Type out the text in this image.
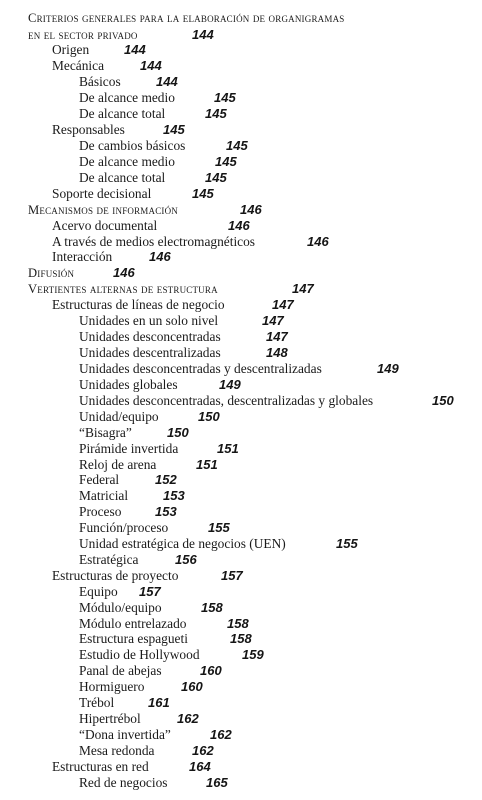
Criterios generales para la elaboración de organigramas
en el sector privado	144
Origen	144
Mecánica	144
Básicos	144
De alcance medio	145
De alcance total	145
Responsables	145
De cambios básicos	145
De alcance medio	145
De alcance total	145
Soporte decisional	145
Mecanismos de información	146
Acervo documental	146
A través de medios electromagnéticos	146
Interacción	146
Difusión	146
Vertientes alternas de estructura	147
Estructuras de líneas de negocio	147
Unidades en un solo nivel	147
Unidades desconcentradas	147
Unidades descentralizadas	148
Unidades desconcentradas y descentralizadas	149
Unidades globales	149
Unidades desconcentradas, descentralizadas y globales	150
Unidad/equipo	150
“Bisagra”	150
Pirámide invertida	151
Reloj de arena	151
Federal	152
Matricial	153
Proceso	153
Función/proceso	155
Unidad estratégica de negocios (UEN)	155
Estratégica	156
Estructuras de proyecto	157
Equipo 157
Módulo/equipo	158
Módulo entrelazado	158
Estructura espagueti	158
Estudio de Hollywood	159
Panal de abejas	160
Hormiguero	160
Trébol	161
Hipertrébol	162
“Dona invertida”	162
Mesa redonda	162
Estructuras en red	164
Red de negocios	165
